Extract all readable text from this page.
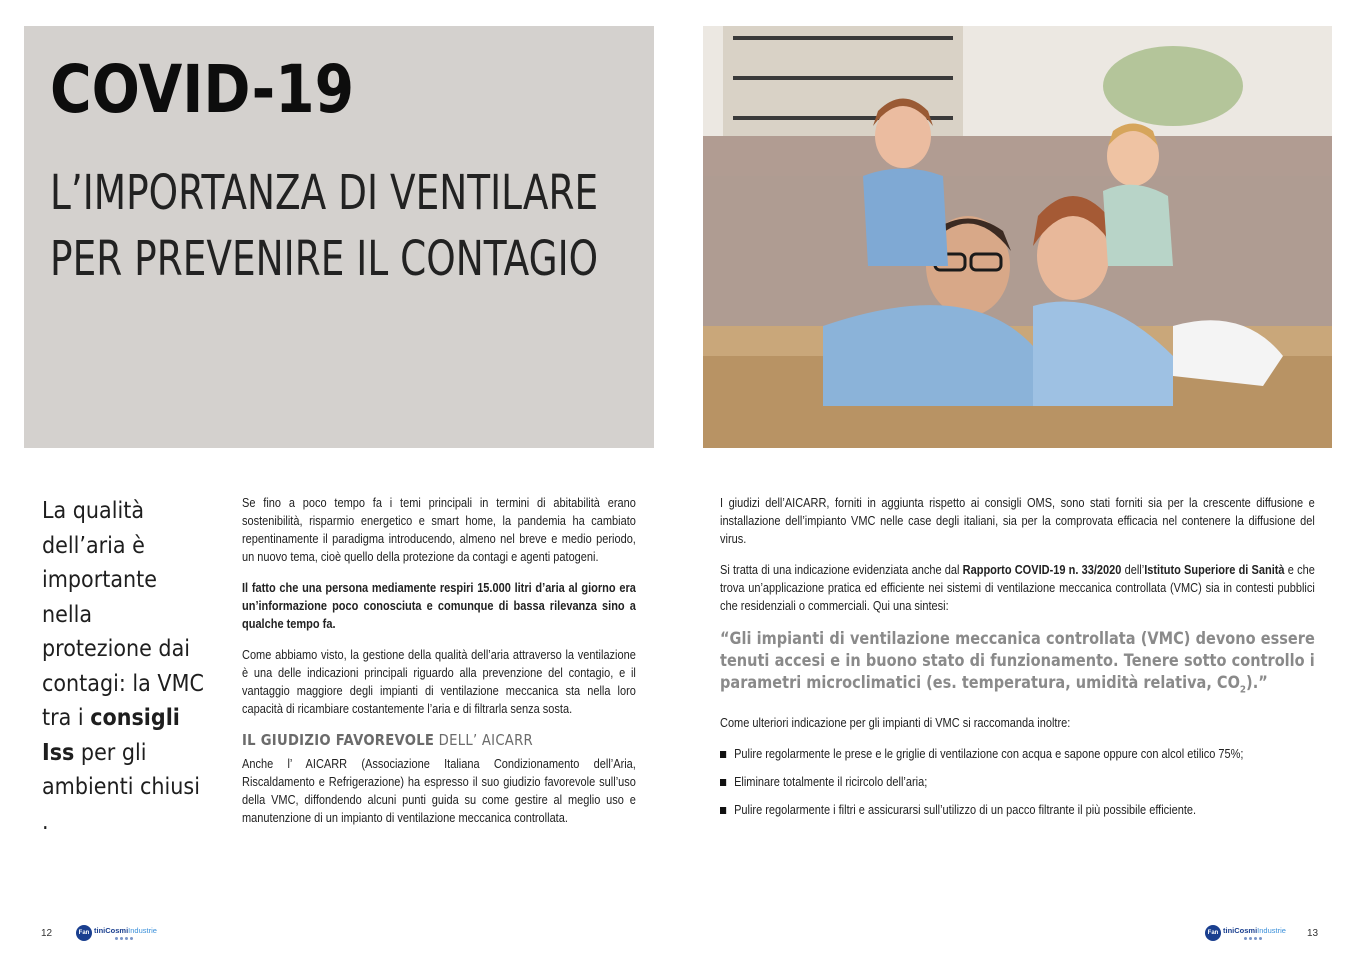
COVID-19
L’IMPORTANZA DI VENTILARE
PER PREVENIRE IL CONTAGIO

La qualità dell’aria è importante nella protezione dai contagi: la VMC tra i consigli Iss per gli ambienti chiusi .

Se fino a poco tempo fa i temi principali in termini di abitabilità erano sostenibilità, risparmio energetico e smart home, la pandemia ha cambiato repentinamente il paradigma introducendo, almeno nel breve e medio periodo, un nuovo tema, cioè quello della protezione da contagi e agenti patogeni.

Il fatto che una persona mediamente respiri 15.000 litri d’aria al giorno era un’informazione poco conosciuta e comunque di bassa rilevanza sino a qualche tempo fa.

Come abbiamo visto, la gestione della qualità dell’aria attraverso la ventilazione è una delle indicazioni principali riguardo alla prevenzione del contagio, e il vantaggio maggiore degli impianti di ventilazione meccanica sta nella loro capacità di ricambiare costantemente l’aria e di filtrarla senza sosta.

IL GIUDIZIO FAVOREVOLE DELL’ AICARR

Anche l’ AICARR (Associazione Italiana Condizionamento dell’Aria, Riscaldamento e Refrigerazione) ha espresso il suo giudizio favorevole sull’uso della VMC, diffondendo alcuni punti guida su come gestire al meglio uso e manutenzione di un impianto di ventilazione meccanica controllata.

I giudizi dell’AICARR, forniti in aggiunta rispetto ai consigli OMS, sono stati forniti sia per la crescente diffusione e installazione dell’impianto VMC nelle case degli italiani, sia per la comprovata efficacia nel contenere la diffusione del virus.

Si tratta di una indicazione evidenziata anche dal Rapporto COVID-19 n. 33/2020 dell’Istituto Superiore di Sanità e che trova un’applicazione pratica ed efficiente nei sistemi di ventilazione meccanica controllata (VMC) sia in contesti pubblici che residenziali o commerciali. Qui una sintesi:

“Gli impianti di ventilazione meccanica controllata (VMC) devono essere tenuti accesi e in buono stato di funzionamento. Tenere sotto controllo i parametri microclimatici (es. temperatura, umidità relativa, $CO_2$).”

Come ulteriori indicazione per gli impianti di VMC si raccomanda inoltre:

Pulire regolarmente le prese e le griglie di ventilazione con acqua e sapone oppure con alcol etilico 75%;
Eliminare totalmente il ricircolo dell’aria;
Pulire regolarmente i filtri e assicurarsi sull’utilizzo di un pacco filtrante il più possibile efficiente.
12	Fan tiniCosmiIndustrie	Fan tiniCosmiIndustrie 13
